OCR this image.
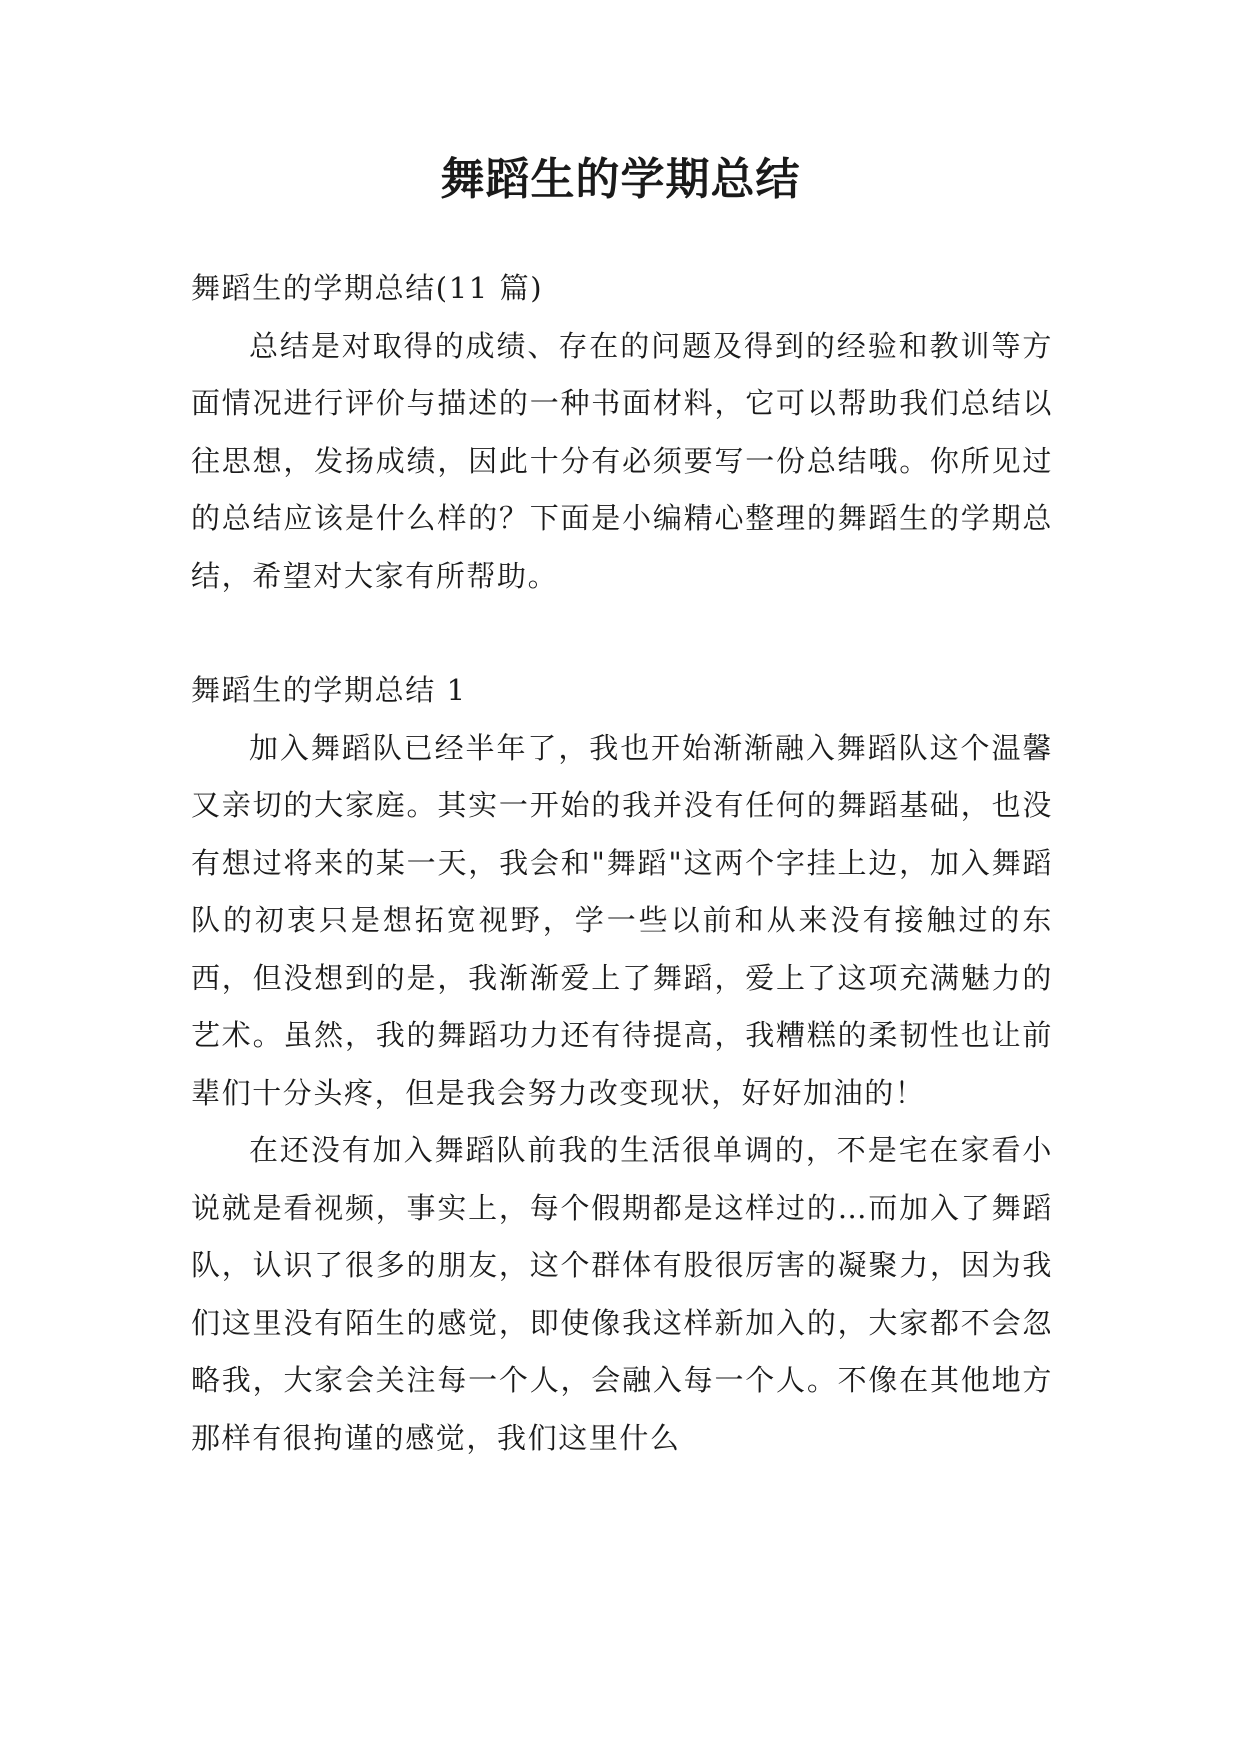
舞蹈生的学期总结

舞蹈生的学期总结(11 篇)

总结是对取得的成绩、存在的问题及得到的经验和教训等方面情况进行评价与描述的一种书面材料，它可以帮助我们总结以往思想，发扬成绩，因此十分有必须要写一份总结哦。你所见过的总结应该是什么样的？下面是小编精心整理的舞蹈生的学期总结，希望对大家有所帮助。

舞蹈生的学期总结 1

加入舞蹈队已经半年了，我也开始渐渐融入舞蹈队这个温馨又亲切的大家庭。其实一开始的我并没有任何的舞蹈基础，也没有想过将来的某一天，我会和"舞蹈"这两个字挂上边，加入舞蹈队的初衷只是想拓宽视野，学一些以前和从来没有接触过的东西，但没想到的是，我渐渐爱上了舞蹈，爱上了这项充满魅力的艺术。虽然，我的舞蹈功力还有待提高，我糟糕的柔韧性也让前辈们十分头疼，但是我会努力改变现状，好好加油的！

在还没有加入舞蹈队前我的生活很单调的，不是宅在家看小说就是看视频，事实上，每个假期都是这样过的…而加入了舞蹈队，认识了很多的朋友，这个群体有股很厉害的凝聚力，因为我们这里没有陌生的感觉，即使像我这样新加入的，大家都不会忽略我，大家会关注每一个人，会融入每一个人。不像在其他地方那样有很拘谨的感觉，我们这里什么
